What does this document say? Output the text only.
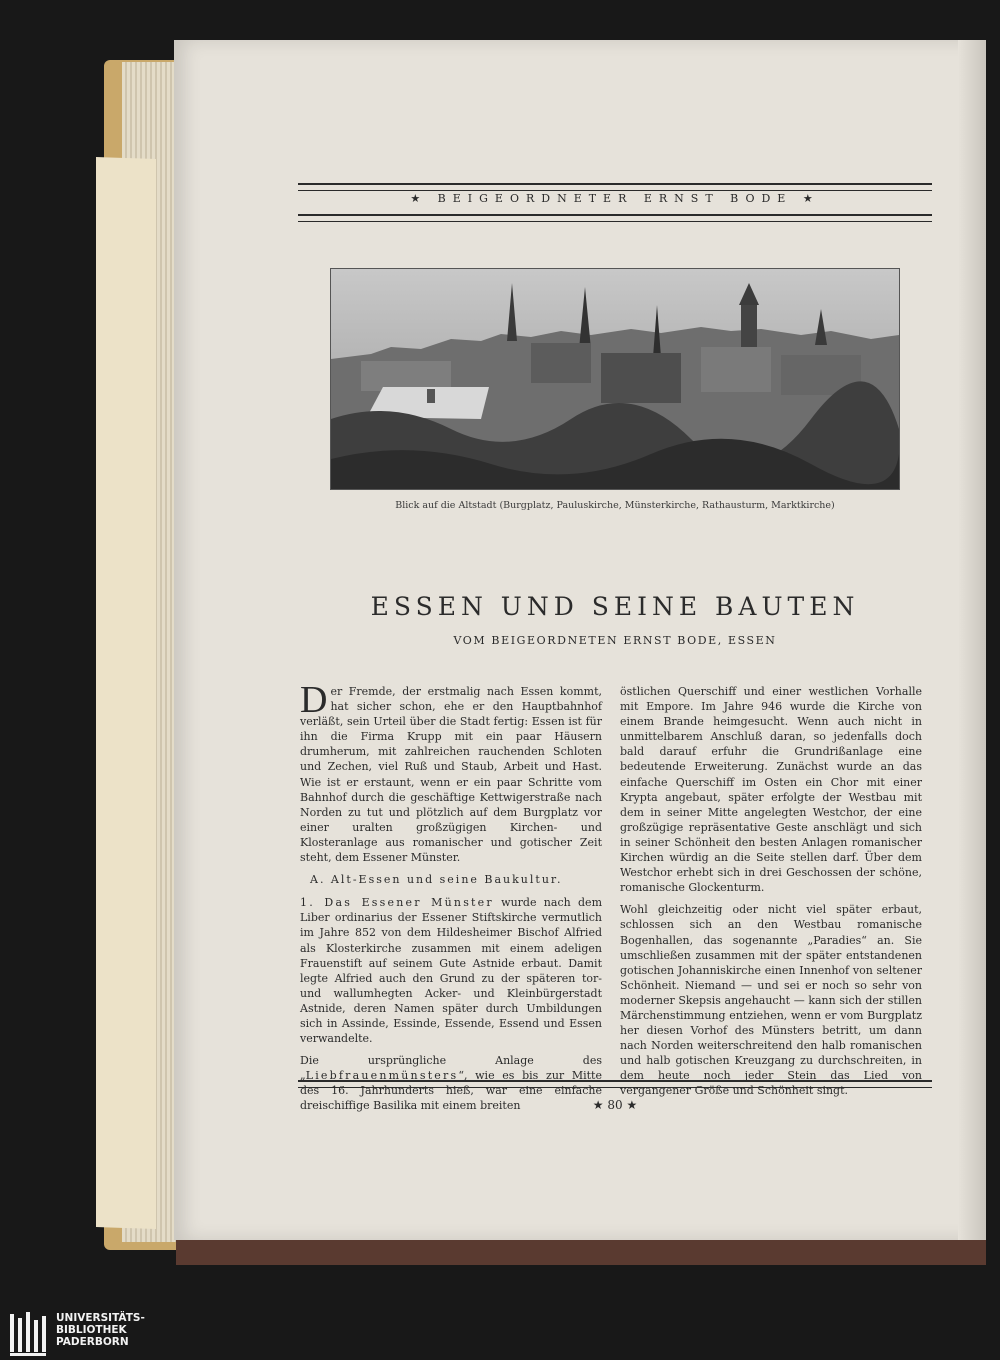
★ BEIGEORDNETER ERNST BODE ★
Blick auf die Altstadt (Burgplatz, Pauluskirche, Münsterkirche, Rathausturm, Marktkirche)
ESSEN UND SEINE BAUTEN
VOM BEIGEORDNETEN ERNST BODE, ESSEN

Der Fremde, der erstmalig nach Essen kommt, hat sicher schon, ehe er den Hauptbahnhof verläßt, sein Urteil über die Stadt fertig: Essen ist für ihn die Firma Krupp mit ein paar Häusern drumherum, mit zahlreichen rauchenden Schloten und Zechen, viel Ruß und Staub, Arbeit und Hast. Wie ist er erstaunt, wenn er ein paar Schritte vom Bahnhof durch die geschäftige Kettwigerstraße nach Norden zu tut und plötzlich auf dem Burgplatz vor einer uralten großzügigen Kirchen- und Klosteranlage aus romanischer und gotischer Zeit steht, dem Essener Münster.

A. Alt-Essen und seine Baukultur.

1. Das Essener Münster wurde nach dem Liber ordinarius der Essener Stiftskirche vermutlich im Jahre 852 von dem Hildesheimer Bischof Alfried als Klosterkirche zusammen mit einem adeligen Frauenstift auf seinem Gute Astnide erbaut. Damit legte Alfried auch den Grund zu der späteren tor- und wallumhegten Acker- und Kleinbürgerstadt Astnide, deren Namen später durch Umbildungen sich in Assinde, Essinde, Essende, Essend und Essen verwandelte.

Die ursprüngliche Anlage des „Liebfrauenmünsters“, wie es bis zur Mitte des 16. Jahrhunderts hieß, war eine einfache dreischiffige Basilika mit einem breiten

östlichen Querschiff und einer westlichen Vorhalle mit Empore. Im Jahre 946 wurde die Kirche von einem Brande heimgesucht. Wenn auch nicht in unmittelbarem Anschluß daran, so jedenfalls doch bald darauf erfuhr die Grundrißanlage eine bedeutende Erweiterung. Zunächst wurde an das einfache Querschiff im Osten ein Chor mit einer Krypta angebaut, später erfolgte der Westbau mit dem in seiner Mitte angelegten Westchor, der eine großzügige repräsentative Geste anschlägt und sich in seiner Schönheit den besten Anlagen romanischer Kirchen würdig an die Seite stellen darf. Über dem Westchor erhebt sich in drei Geschossen der schöne, romanische Glockenturm.

Wohl gleichzeitig oder nicht viel später erbaut, schlossen sich an den Westbau romanische Bogenhallen, das sogenannte „Paradies“ an. Sie umschließen zusammen mit der später entstandenen gotischen Johanniskirche einen Innenhof von seltener Schönheit. Niemand — und sei er noch so sehr von moderner Skepsis angehaucht — kann sich der stillen Märchenstimmung entziehen, wenn er vom Burgplatz her diesen Vorhof des Münsters betritt, um dann nach Norden weiterschreitend den halb romanischen und halb gotischen Kreuzgang zu durchschreiten, in dem heute noch jeder Stein das Lied von vergangener Größe und Schönheit singt.

★ 80 ★
UNIVERSITÄTS-
BIBLIOTHEK
PADERBORN
